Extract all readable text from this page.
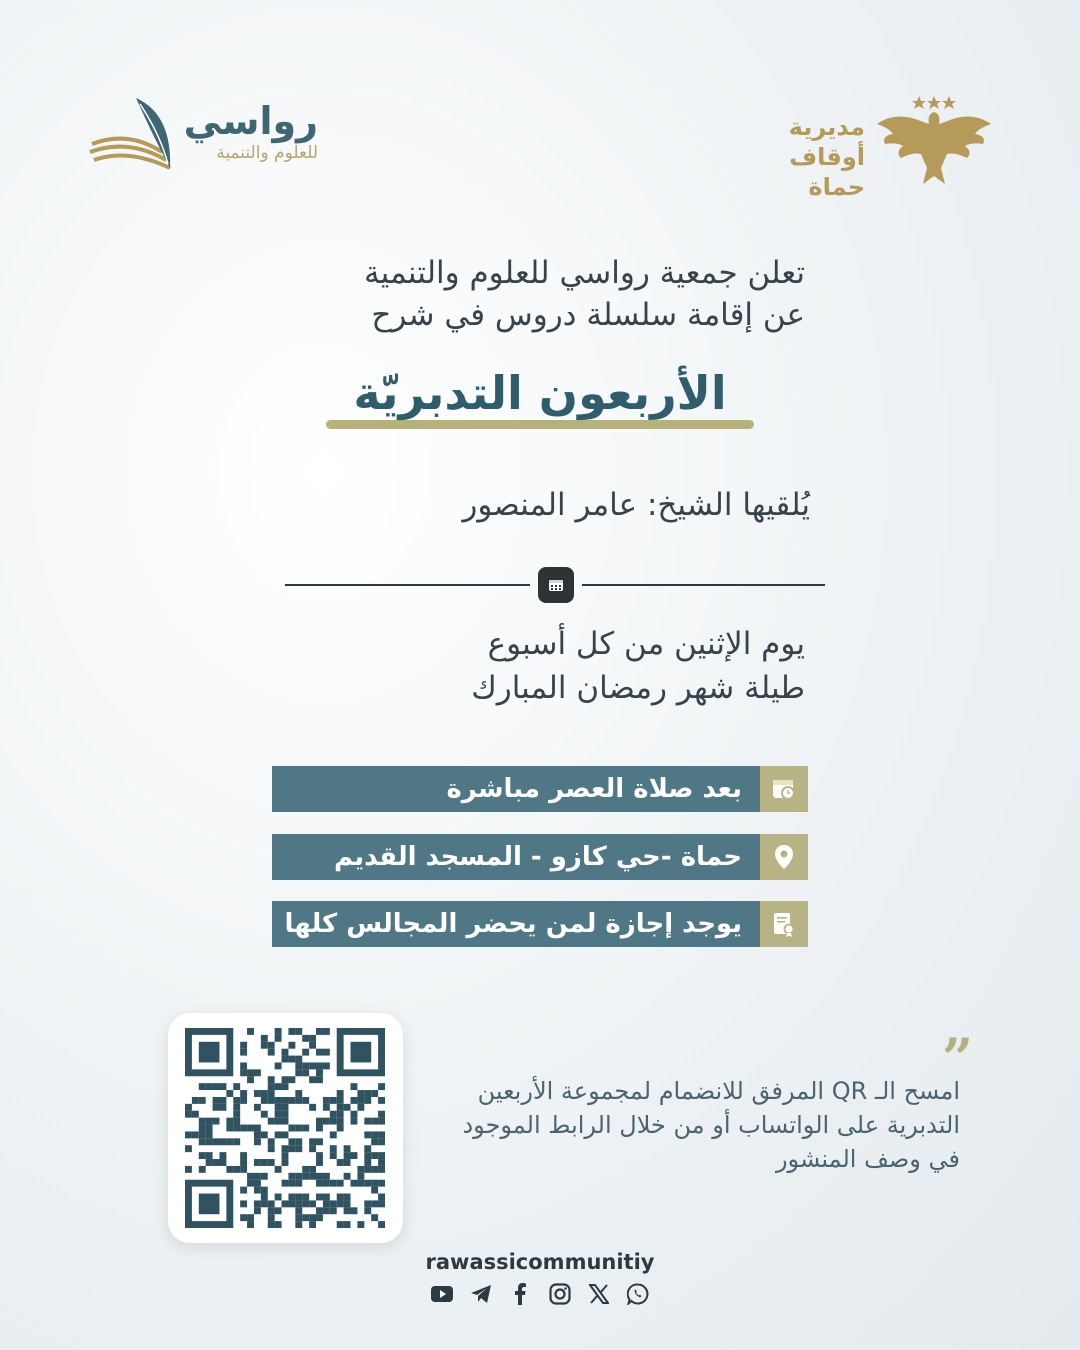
رواسي
للعلوم والتنمية
مديرية أوقاف
حماة
تعلن جمعية رواسي للعلوم والتنمية
عن إقامة سلسلة دروس في شرح
الأربعون التدبريّة
يُلقيها الشيخ: عامر المنصور
يوم الإثنين من كل أسبوع
طيلة شهر رمضان المبارك
بعد صلاة العصر مباشرة
حماة -حي كازو - المسجد القديم
يوجد إجازة لمن يحضر المجالس كلها
”
امسح الـ QR المرفق للانضمام لمجموعة الأربعين التدبرية على الواتساب أو من خلال الرابط الموجود في وصف المنشور
rawassicommunitiy
